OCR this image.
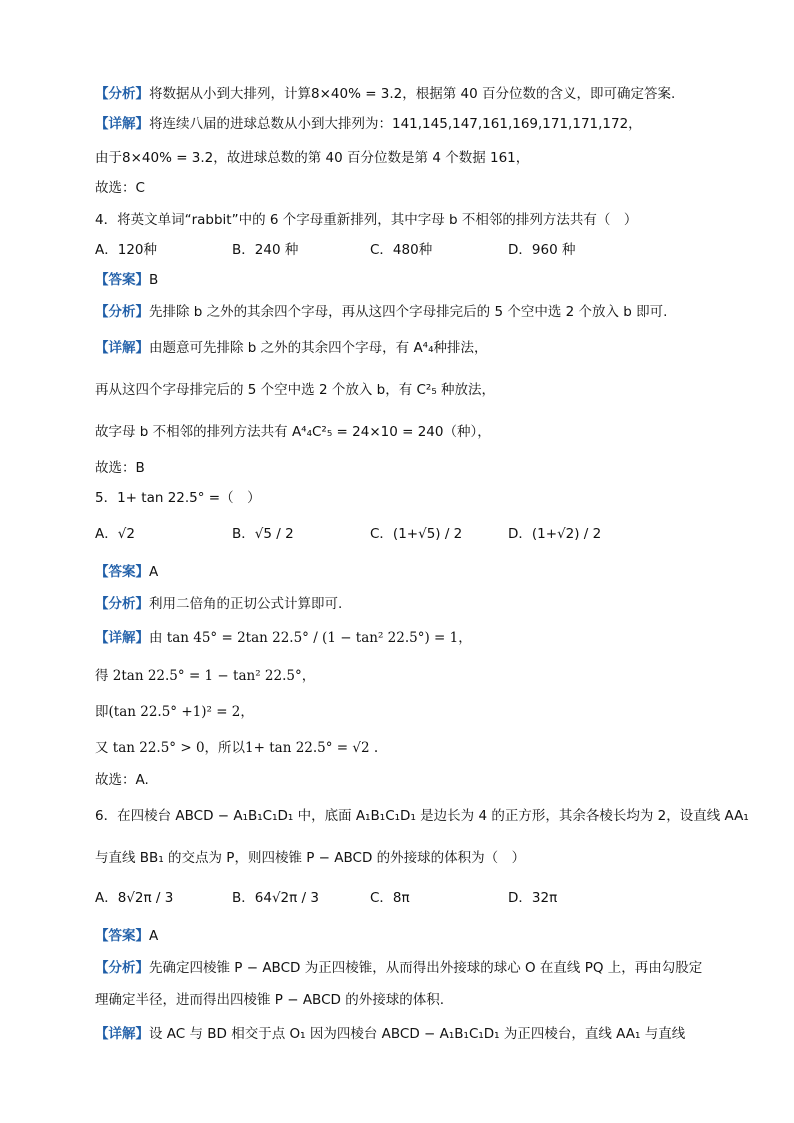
【分析】将数据从小到大排列，计算8×40% = 3.2，根据第 40 百分位数的含义，即可确定答案.
【详解】将连续八届的进球总数从小到大排列为：141,145,147,161,169,171,171,172，
由于8×40% = 3.2，故进球总数的第 40 百分位数是第 4 个数据 161，
故选：C
4．将英文单词“rabbit”中的 6 个字母重新排列，其中字母 b 不相邻的排列方法共有（　）
A．120种	B．240 种	C．480种	D．960 种
【答案】B
【分析】先排除 b 之外的其余四个字母，再从这四个字母排完后的 5 个空中选 2 个放入 b 即可.
【详解】由题意可先排除 b 之外的其余四个字母，有 A⁴₄种排法，
再从这四个字母排完后的 5 个空中选 2 个放入 b，有 C²₅ 种放法，
故字母 b 不相邻的排列方法共有 A⁴₄C²₅ = 24×10 = 240（种），
故选：B
5．1+ tan 22.5° =（　）
A．√2	B．√5 / 2	C．(1+√5) / 2	D．(1+√2) / 2
【答案】A
【分析】利用二倍角的正切公式计算即可.
【详解】由 tan 45° = 2tan 22.5° / (1 − tan² 22.5°) = 1，
得 2tan 22.5° = 1 − tan² 22.5°，
即(tan 22.5° +1)² = 2，
又 tan 22.5° > 0，所以1+ tan 22.5° = √2 .
故选：A.
6．在四棱台 ABCD − A₁B₁C₁D₁ 中，底面 A₁B₁C₁D₁ 是边长为 4 的正方形，其余各棱长均为 2，设直线 AA₁
与直线 BB₁ 的交点为 P，则四棱锥 P − ABCD 的外接球的体积为（　）
A．8√2π / 3	B．64√2π / 3	C．8π	D．32π
【答案】A
【分析】先确定四棱锥 P − ABCD 为正四棱锥，从而得出外接球的球心 O 在直线 PQ 上，再由勾股定
理确定半径，进而得出四棱锥 P − ABCD 的外接球的体积.
【详解】设 AC 与 BD 相交于点 O₁ 因为四棱台 ABCD − A₁B₁C₁D₁ 为正四棱台，直线 AA₁ 与直线
